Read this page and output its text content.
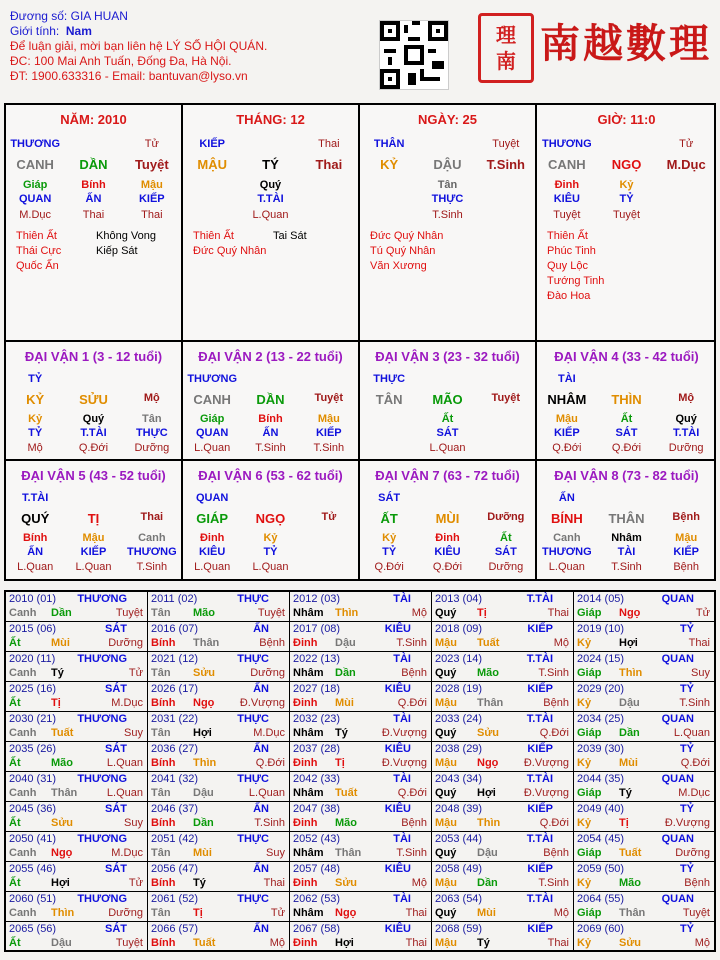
Đương số: GIA HUAN
Giới tính: Nam
Để luận giải, mời bạn liên hệ LÝ SỐ HỘI QUÁN.
ĐC: 100 Mai Anh Tuấn, Đống Đa, Hà Nội.
ĐT: 1900.633316 - Email: bantuvan@lyso.vn
理
南 南越數理
NĂM: 2010
THƯƠNG	Tử
CANH	DẦN	Tuyệt
Giáp	Bính	Mậu
QUAN	ẤN	KIẾP
M.Dục	Thai	Thai
Thiên Ất
Thái Cực
Quốc Ấn
Không Vong
Kiếp Sát
THÁNG: 12
KIẾP	Thai
MẬU	TÝ	Thai
Quý
T.TÀI
L.Quan
Thiên Ất
Đức Quý Nhân
Tai Sát
NGÀY: 25
THÂN	Tuyệt
KỶ	DẬU	T.Sinh
Tân
THỰC
T.Sinh
Đức Quý Nhân
Tú Quý Nhân
Văn Xương
GIỜ: 11:0
THƯƠNG	Tử
CANH	NGỌ	M.Dục
Đinh	Kỷ
KIÊU	TỶ
Tuyệt	Tuyệt
Thiên Ất
Phúc Tinh
Quy Lộc
Tướng Tinh
Đào Hoa
ĐẠI VẬN 1 (3 - 12 tuổi)
TỶ
KỶ	SỬU	Mộ
Kỷ	Quý	Tân
TỶ	T.TÀI	THỰC
Mộ	Q.Đới	Dưỡng
ĐẠI VẬN 2 (13 - 22 tuổi)
THƯƠNG
CANH	DẦN	Tuyệt
Giáp	Bính	Mậu
QUAN	ẤN	KIẾP
L.Quan	T.Sinh	T.Sinh
ĐẠI VẬN 3 (23 - 32 tuổi)
THỰC
TÂN	MÃO	Tuyệt
Ất
SÁT
L.Quan
ĐẠI VẬN 4 (33 - 42 tuổi)
TÀI
NHÂM	THÌN	Mộ
Mậu	Ất	Quý
KIẾP	SÁT	T.TÀI
Q.Đới	Q.Đới	Dưỡng
ĐẠI VẬN 5 (43 - 52 tuổi)
T.TÀI
QUÝ	TỊ	Thai
Bính	Mậu	Canh
ẤN	KIẾP	THƯƠNG
L.Quan	L.Quan	T.Sinh
ĐẠI VẬN 6 (53 - 62 tuổi)
QUAN
GIÁP	NGỌ	Tử
Đinh	Kỷ
KIÊU	TỶ
L.Quan	L.Quan
ĐẠI VẬN 7 (63 - 72 tuổi)
SÁT
ẤT	MÙI	Dưỡng
Kỷ	Đinh	Ất
TỶ	KIÊU	SÁT
Q.Đới	Q.Đới	Dưỡng
ĐẠI VẬN 8 (73 - 82 tuổi)
ẤN
BÍNH	THÂN	Bệnh
Canh	Nhâm	Mậu
THƯƠNG	TÀI	KIẾP
L.Quan	T.Sinh	Bệnh
2010 (01) THƯƠNG
Canh Dần	Tuyệt
2011 (02)	THỰC
Tân Mão	Tuyệt
2012 (03)	TÀI
Nhâm Thìn	Mộ
2013 (04)	T.TÀI
Quý Tị	Thai
2014 (05)	QUAN
Giáp Ngọ	Tử
2015 (06)	SÁT
Ất	Mùi	Dưỡng
2016 (07)	ẤN
Bính Thân	Bệnh
2017 (08)	KIÊU
Đinh Dậu	T.Sinh
2018 (09)	KIẾP
Mậu Tuất	Mộ
2019 (10)	TỶ
Kỷ	Hợi	Thai
2020 (11) THƯƠNG
Canh Tý	Tử
2021 (12)	THỰC
Tân Sửu	Dưỡng
2022 (13)	TÀI
Nhâm Dần	Bệnh
2023 (14)	T.TÀI
Quý Mão	T.Sinh
2024 (15)	QUAN
Giáp Thìn	Suy
2025 (16)	SÁT
Ất	Tị	M.Dục
2026 (17)	ẤN
Bính Ngọ Đ.Vượng
2027 (18)	KIÊU
Đinh Mùi	Q.Đới
2028 (19)	KIẾP
Mậu Thân	Bệnh
2029 (20)	TỶ
Kỷ	Dậu	T.Sinh
2030 (21) THƯƠNG
Canh Tuất	Suy
2031 (22)	THỰC
Tân Hợi	M.Dục
2032 (23)	TÀI
Nhâm Tý	Đ.Vượng
2033 (24)	T.TÀI
Quý Sửu	Q.Đới
2034 (25)	QUAN
Giáp Dần	L.Quan
2035 (26)	SÁT
Ất	Mão	L.Quan
2036 (27)	ẤN
Bính Thìn	Q.Đới
2037 (28)	KIÊU
Đinh Tị	Đ.Vượng
2038 (29)	KIẾP
Mậu Ngọ Đ.Vượng
2039 (30)	TỶ
Kỷ	Mùi	Q.Đới
2040 (31) THƯƠNG
Canh Thân	L.Quan
2041 (32)	THỰC
Tân Dậu	L.Quan
2042 (33)	TÀI
Nhâm Tuất	Q.Đới
2043 (34)	T.TÀI
Quý Hợi	Đ.Vượng
2044 (35)	QUAN
Giáp Tý	M.Dục
2045 (36)	SÁT
Ất	Sửu	Suy
2046 (37)	ẤN
Bính Dần	T.Sinh
2047 (38)	KIÊU
Đinh Mão	Bệnh
2048 (39)	KIẾP
Mậu Thìn	Q.Đới
2049 (40)	TỶ
Kỷ	Tị	Đ.Vượng
2050 (41) THƯƠNG
Canh Ngọ	M.Dục
2051 (42)	THỰC
Tân Mùi	Suy
2052 (43)	TÀI
Nhâm Thân	T.Sinh
2053 (44)	T.TÀI
Quý Dậu	Bệnh
2054 (45)	QUAN
Giáp Tuất	Dưỡng
2055 (46)	SÁT
Ất	Hợi	Tử
2056 (47)	ẤN
Bính Tý	Thai
2057 (48)	KIÊU
Đinh Sửu	Mộ
2058 (49)	KIẾP
Mậu Dần	T.Sinh
2059 (50)	TỶ
Kỷ	Mão	Bệnh
2060 (51) THƯƠNG
Canh Thìn	Dưỡng
2061 (52)	THỰC
Tân Tị	Tử
2062 (53)	TÀI
Nhâm Ngọ	Thai
2063 (54)	T.TÀI
Quý Mùi	Mộ
2064 (55)	QUAN
Giáp Thân	Tuyệt
2065 (56)	SÁT
Ất	Dậu	Tuyệt
2066 (57)	ẤN
Bính Tuất	Mộ
2067 (58)	KIÊU
Đinh Hợi	Thai
2068 (59)	KIẾP
Mậu Tý	Thai
2069 (60)	TỶ
Kỷ	Sửu	Mộ
